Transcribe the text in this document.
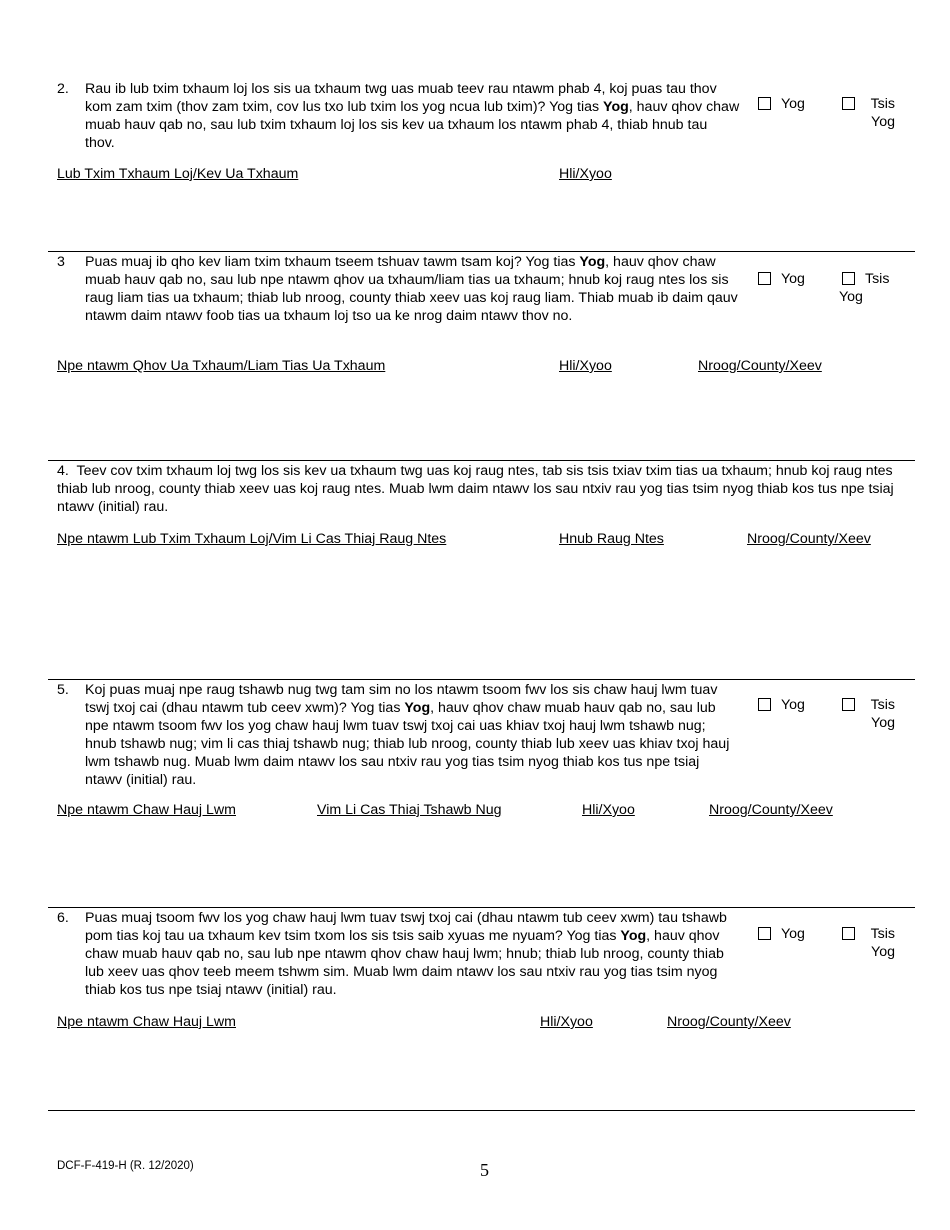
2. Rau ib lub txim txhaum loj los sis ua txhaum twg uas muab teev rau ntawm phab 4, koj puas tau thov kom zam txim (thov zam txim, cov lus txo lub txim los yog ncua lub txim)? Yog tias Yog, hauv qhov chaw muab hauv qab no, sau lub txim txhaum loj los sis kev ua txhaum los ntawm phab 4, thiab hnub tau thov.
Yog	Tsis
Yog
Lub Txim Txhaum Loj/Kev Ua Txhaum	Hli/Xyoo
3 Puas muaj ib qho kev liam txim txhaum tseem tshuav tawm tsam koj? Yog tias Yog, hauv qhov chaw muab hauv qab no, sau lub npe ntawm qhov ua txhaum/liam tias ua txhaum; hnub koj raug ntes los sis raug liam tias ua txhaum; thiab lub nroog, county thiab xeev uas koj raug liam. Thiab muab ib daim qauv ntawm daim ntawv foob tias ua txhaum loj tso ua ke nrog daim ntawv thov no.
Yog	Tsis
Yog
Npe ntawm Qhov Ua Txhaum/Liam Tias Ua Txhaum	Hli/Xyoo	Nroog/County/Xeev
4. Teev cov txim txhaum loj twg los sis kev ua txhaum twg uas koj raug ntes, tab sis tsis txiav txim tias ua txhaum; hnub koj raug ntes thiab lub nroog, county thiab xeev uas koj raug ntes. Muab lwm daim ntawv los sau ntxiv rau yog tias tsim nyog thiab kos tus npe tsiaj ntawv (initial) rau.
Npe ntawm Lub Txim Txhaum Loj/Vim Li Cas Thiaj Raug Ntes	Hnub Raug Ntes	Nroog/County/Xeev
5. Koj puas muaj npe raug tshawb nug twg tam sim no los ntawm tsoom fwv los sis chaw hauj lwm tuav tswj txoj cai (dhau ntawm tub ceev xwm)? Yog tias Yog, hauv qhov chaw muab hauv qab no, sau lub npe ntawm tsoom fwv los yog chaw hauj lwm tuav tswj txoj cai uas khiav txoj hauj lwm tshawb nug; hnub tshawb nug; vim li cas thiaj tshawb nug; thiab lub nroog, county thiab lub xeev uas khiav txoj hauj lwm tshawb nug. Muab lwm daim ntawv los sau ntxiv rau yog tias tsim nyog thiab kos tus npe tsiaj ntawv (initial) rau.
Yog	Tsis
Yog
Npe ntawm Chaw Hauj Lwm	Vim Li Cas Thiaj Tshawb Nug	Hli/Xyoo	Nroog/County/Xeev
6. Puas muaj tsoom fwv los yog chaw hauj lwm tuav tswj txoj cai (dhau ntawm tub ceev xwm) tau tshawb pom tias koj tau ua txhaum kev tsim txom los sis tsis saib xyuas me nyuam? Yog tias Yog, hauv qhov chaw muab hauv qab no, sau lub npe ntawm qhov chaw hauj lwm; hnub; thiab lub nroog, county thiab lub xeev uas qhov teeb meem tshwm sim. Muab lwm daim ntawv los sau ntxiv rau yog tias tsim nyog thiab kos tus npe tsiaj ntawv (initial) rau.
Yog	Tsis
Yog
Npe ntawm Chaw Hauj Lwm	Hli/Xyoo	Nroog/County/Xeev
DCF-F-419-H (R. 12/2020)	5
